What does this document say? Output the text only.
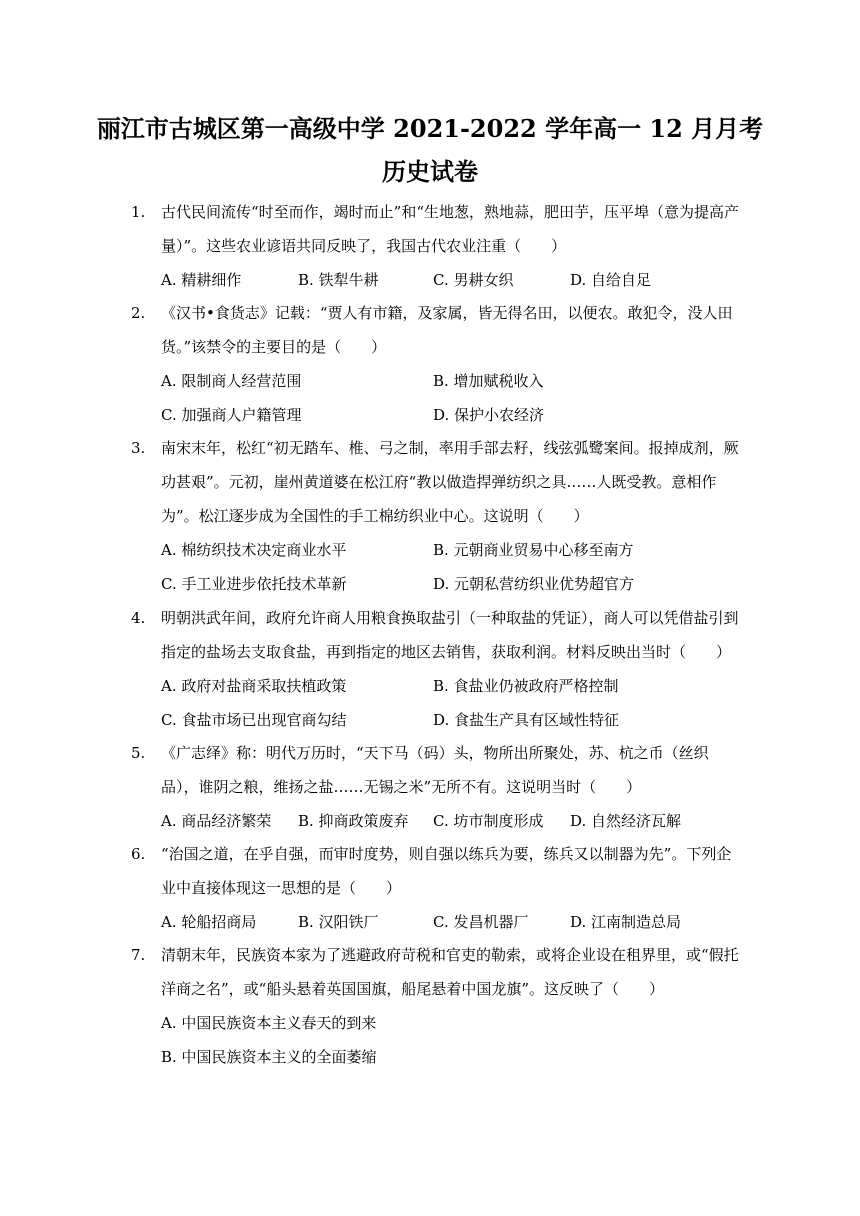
丽江市古城区第一高级中学 2021-2022 学年高一 12 月月考
历史试卷
1. 古代民间流传“时至而作，竭时而止”和“生地葱，熟地蒜，肥田芋，压平埠（意为提高产量）”。这些农业谚语共同反映了，我国古代农业注重（　　）
A. 精耕细作	B. 铁犁牛耕	C. 男耕女织	D. 自给自足
2. 《汉书•食货志》记载：“贾人有市籍，及家属，皆无得名田，以便农。敢犯令，没人田货。”该禁令的主要目的是（　　）
A. 限制商人经营范围	B. 增加赋税收入
C. 加强商人户籍管理	D. 保护小农经济
3. 南宋末年，松红“初无踏车、椎、弓之制，率用手部去籽，线弦弧鹭案间。报掉成剂，厥功甚艰”。元初，崖州黄道婆在松江府“教以做造捍弹纺织之具……人既受教。意相作为”。松江逐步成为全国性的手工棉纺织业中心。这说明（　　）
A. 棉纺织技术决定商业水平	B. 元朝商业贸易中心移至南方
C. 手工业进步依托技术革新	D. 元朝私营纺织业优势超官方
4. 明朝洪武年间，政府允许商人用粮食换取盐引（一种取盐的凭证），商人可以凭借盐引到指定的盐场去支取食盐，再到指定的地区去销售，获取利润。材料反映出当时（　　）
A. 政府对盐商采取扶植政策	B. 食盐业仍被政府严格控制
C. 食盐市场已出现官商勾结	D. 食盐生产具有区域性特征
5. 《广志绎》称：明代万历时，“天下马（码）头，物所出所聚处，苏、杭之币（丝织品），谁阴之粮，维扬之盐……无锡之米”无所不有。这说明当时（　　）
A. 商品经济繁荣 B. 抑商政策废弃 C. 坊市制度形成 D. 自然经济瓦解
6. “治国之道，在乎自强，而审时度势，则自强以练兵为要，练兵又以制器为先”。下列企业中直接体现这一思想的是（　　）
A. 轮船招商局	B. 汉阳铁厂	C. 发昌机器厂	D. 江南制造总局
7. 清朝末年，民族资本家为了逃避政府苛税和官吏的勒索，或将企业设在租界里，或“假托洋商之名”，或“船头悬着英国国旗，船尾悬着中国龙旗”。这反映了（　　）
A. 中国民族资本主义春天的到来
B. 中国民族资本主义的全面萎缩
